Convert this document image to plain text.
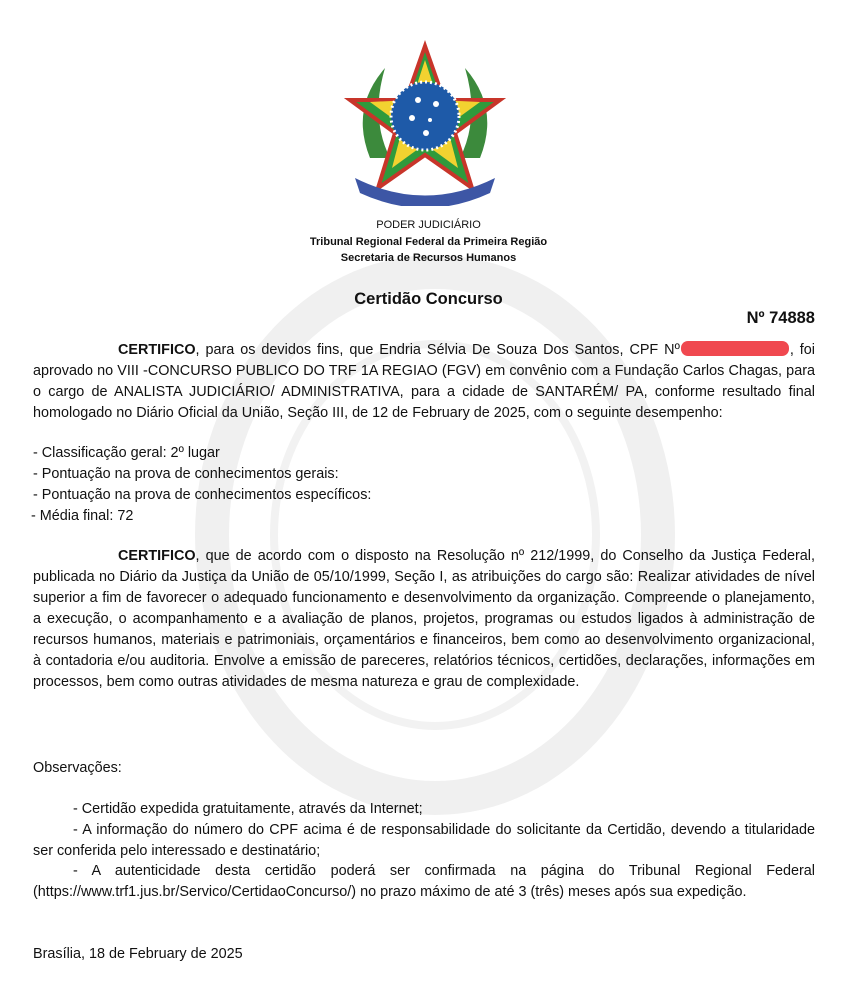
PODER JUDICIÁRIO
Tribunal Regional Federal da Primeira Região
Secretaria de Recursos Humanos
Certidão Concurso
Nº 74888
CERTIFICO, para os devidos fins, que Endria Sélvia De Souza Dos Santos, CPF Nº	, foi aprovado no VIII -CONCURSO PUBLICO DO TRF 1A REGIAO (FGV) em convênio com a Fundação Carlos Chagas, para o cargo de ANALISTA JUDICIÁRIO/ ADMINISTRATIVA, para a cidade de SANTARÉM/ PA, conforme resultado final homologado no Diário Oficial da União, Seção III, de 12 de February de 2025, com o seguinte desempenho:
- Classificação geral: 2º lugar
- Pontuação na prova de conhecimentos gerais:
- Pontuação na prova de conhecimentos específicos:
- Média final: 72
CERTIFICO, que de acordo com o disposto na Resolução nº 212/1999, do Conselho da Justiça Federal, publicada no Diário da Justiça da União de 05/10/1999, Seção I, as atribuições do cargo são: Realizar atividades de nível superior a fim de favorecer o adequado funcionamento e desenvolvimento da organização. Compreende o planejamento, a execução, o acompanhamento e a avaliação de planos, projetos, programas ou estudos ligados à administração de recursos humanos, materiais e patrimoniais, orçamentários e financeiros, bem como ao desenvolvimento organizacional, à contadoria e/ou auditoria. Envolve a emissão de pareceres, relatórios técnicos, certidões, declarações, informações em processos, bem como outras atividades de mesma natureza e grau de complexidade.
Observações:
- Certidão expedida gratuitamente, através da Internet;
- A informação do número do CPF acima é de responsabilidade do solicitante da Certidão, devendo a titularidade ser conferida pelo interessado e destinatário;
- A autenticidade desta certidão poderá ser confirmada na página do Tribunal Regional Federal (https://www.trf1.jus.br/Servico/CertidaoConcurso/) no prazo máximo de até 3 (três) meses após sua expedição.
Brasília, 18 de February de 2025
